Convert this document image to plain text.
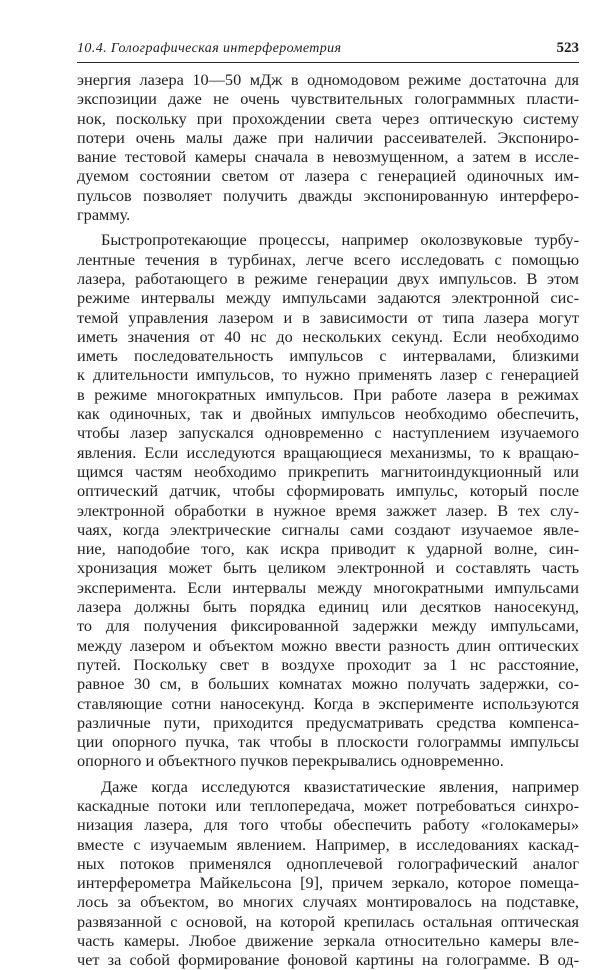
10.4. Голографическая интерферометрия	523
энергия лазера 10—50 мДж в одномодовом режиме достаточна для
экспозиции даже не очень чувствительных голограммных пласти-
нок, поскольку при прохождении света через оптическую систему
потери очень малы даже при наличии рассеивателей. Экспониро-
вание тестовой камеры сначала в невозмущенном, а затем в иссле-
дуемом состоянии светом от лазера с генерацией одиночных им-
пульсов позволяет получить дважды экспонированную интерферо-
грамму.
Быстропротекающие процессы, например околозвуковые турбу-
лентные течения в турбинах, легче всего исследовать с помощью
лазера, работающего в режиме генерации двух импульсов. В этом
режиме интервалы между импульсами задаются электронной сис-
темой управления лазером и в зависимости от типа лазера могут
иметь значения от 40 нс до нескольких секунд. Если необходимо
иметь последовательность импульсов с интервалами, близкими
к длительности импульсов, то нужно применять лазер с генерацией
в режиме многократных импульсов. При работе лазера в режимах
как одиночных, так и двойных импульсов необходимо обеспечить,
чтобы лазер запускался одновременно с наступлением изучаемого
явления. Если исследуются вращающиеся механизмы, то к вращаю-
щимся частям необходимо прикрепить магнитоиндукционный или
оптический датчик, чтобы сформировать импульс, который после
электронной обработки в нужное время зажжет лазер. В тех слу-
чаях, когда электрические сигналы сами создают изучаемое явле-
ние, наподобие того, как искра приводит к ударной волне, син-
хронизация может быть целиком электронной и составлять часть
эксперимента. Если интервалы между многократными импульсами
лазера должны быть порядка единиц или десятков наносекунд,
то для получения фиксированной задержки между импульсами,
между лазером и объектом можно ввести разность длин оптических
путей. Поскольку свет в воздухе проходит за 1 нс расстояние,
равное 30 см, в больших комнатах можно получать задержки, со-
ставляющие сотни наносекунд. Когда в эксперименте используются
различные пути, приходится предусматривать средства компенса-
ции опорного пучка, так чтобы в плоскости голограммы импульсы
опорного и объектного пучков перекрывались одновременно.
Даже когда исследуются квазистатические явления, например
каскадные потоки или теплопередача, может потребоваться синхро-
низация лазера, для того чтобы обеспечить работу «голокамеры»
вместе с изучаемым явлением. Например, в исследованиях каскад-
ных потоков применялся одноплечевой голографический аналог
интерферометра Майкельсона [9], причем зеркало, которое помеща-
лось за объектом, во многих случаях монтировалось на подставке,
развязанной с основой, на которой крепилась остальная оптическая
часть камеры. Любое движение зеркала относительно камеры вле-
чет за собой формирование фоновой картины на голограмме. В од-
